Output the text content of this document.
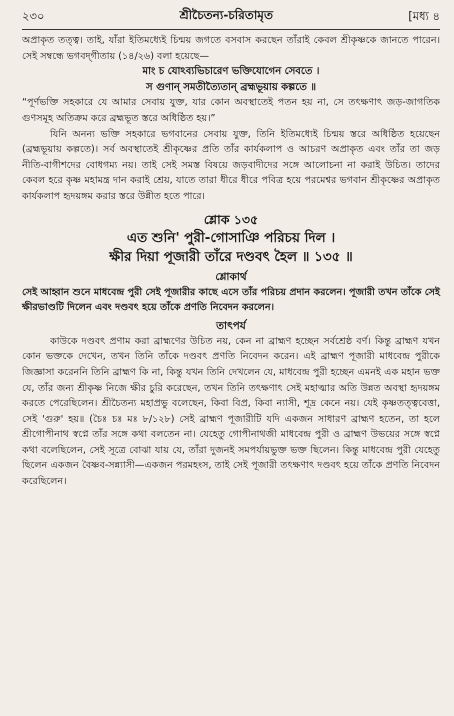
২৩০	শ্রীচৈতন্য-চরিতামৃত	[মধ্য ৪

অপ্রাকৃত তত্ত্ব। তাই, যাঁরা ইতিমধ্যেই চিন্ময় জগতে বসবাস করছেন তাঁরাই কেবল শ্রীকৃষ্ণকে জানতে পারেন। সেই সম্বন্ধে ভগবদ্‌গীতায় (১৪/২৬) বলা হয়েছে—

মাং চ যোঽব্যভিচারেণ ভক্তিযোগেন সেবতে ।
স গুণান্‌ সমতীত্যৈতান্‌ ব্রহ্মভূয়ায় কল্পতে ॥

“পূর্ণভক্তি সহকারে যে আমার সেবায় যুক্ত, যার কোন অবস্থাতেই পতন হয় না, সে তৎক্ষণাৎ জড়-জাগতিক গুণসমূহ অতিক্রম করে ব্রহ্মভূত স্তরে অধিষ্ঠিত হয়।”

যিনি অনন্য ভক্তি সহকারে ভগবানের সেবায় যুক্ত, তিনি ইতিমধ্যেই চিন্ময় স্তরে অধিষ্ঠিত হয়েছেন (ব্রহ্মভূয়ায় কল্পতে)। সর্ব অবস্থাতেই শ্রীকৃষ্ণের প্রতি তাঁর কার্যকলাপ ও আচরণ অপ্রাকৃত এবং তাঁর তা জড় নীতি-বাগীশদের বোধগম্য নয়। তাই সেই সমস্ত বিষয়ে জড়বাদীদের সঙ্গে আলোচনা না করাই উচিত। তাদের কেবল হরে কৃষ্ণ মহামন্ত্র দান করাই শ্রেয়, যাতে তারা ধীরে ধীরে পবিত্র হয়ে পরমেশ্বর ভগবান শ্রীকৃষ্ণের অপ্রাকৃত কার্যকলাপ হৃদয়ঙ্গম করার স্তরে উন্নীত হতে পারে।

শ্লোক ১৩৫
এত শুনি' পুরী-গোসাঞি পরিচয় দিল ।
ক্ষীর দিয়া পূজারী তাঁরে দণ্ডবৎ হৈল ॥ ১৩৫ ॥
শ্লোকার্থ

সেই আহ্বান শুনে মাধবেন্দ্র পুরী সেই পূজারীর কাছে এসে তাঁর পরিচয় প্রদান করলেন। পূজারী তখন তাঁকে সেই ক্ষীরভাণ্ডটি দিলেন এবং দণ্ডবৎ হয়ে তাঁকে প্রণতি নিবেদন করলেন।

তাৎপর্য

কাউকে দণ্ডবৎ প্রণাম করা ব্রাহ্মণের উচিত নয়, কেন না ব্রাহ্মণ হচ্ছেন সর্বশ্রেষ্ঠ বর্ণ। কিন্তু ব্রাহ্মণ যখন কোন ভক্তকে দেখেন, তখন তিনি তাঁকে দণ্ডবৎ প্রণতি নিবেদন করেন। এই ব্রাহ্মণ পূজারী মাধবেন্দ্র পুরীকে জিজ্ঞাসা করেননি তিনি ব্রাহ্মণ কি না, কিন্তু যখন তিনি দেখলেন যে, মাধবেন্দ্র পুরী হচ্ছেন এমনই এক মহান ভক্ত যে, তাঁর জন্য শ্রীকৃষ্ণ নিজে ক্ষীর চুরি করেছেন, তখন তিনি তৎক্ষণাৎ সেই মহাত্মার অতি উন্নত অবস্থা হৃদয়ঙ্গম করতে পেরেছিলেন। শ্রীচৈতন্য মহাপ্রভু বলেছেন, কিবা বিপ্র, কিবা ন্যাসী, শূদ্র কেনে নয়। যেই কৃষ্ণতত্ত্ববেত্তা, সেই 'গুরু' হয়॥ (চৈঃ চঃ মঃ ৮/১২৮) সেই ব্রাহ্মণ পূজারীটি যদি একজন সাধারণ ব্রাহ্মণ হতেন, তা হলে শ্রীগোপীনাথ স্বপ্নে তাঁর সঙ্গে কথা বলতেন না। যেহেতু গোপীনাথজী মাধবেন্দ্র পুরী ও ব্রাহ্মণ উভয়ের সঙ্গে স্বপ্নে কথা বলেছিলেন, সেই সূত্রে বোঝা যায় যে, তাঁরা দুজনই সমপর্যায়ভুক্ত ভক্ত ছিলেন। কিন্তু মাধবেন্দ্র পুরী যেহেতু ছিলেন একজন বৈষ্ণব-সন্ন্যাসী—একজন পরমহংস, তাই সেই পূজারী তৎক্ষণাৎ দণ্ডবৎ হয়ে তাঁকে প্রণতি নিবেদন করেছিলেন।
